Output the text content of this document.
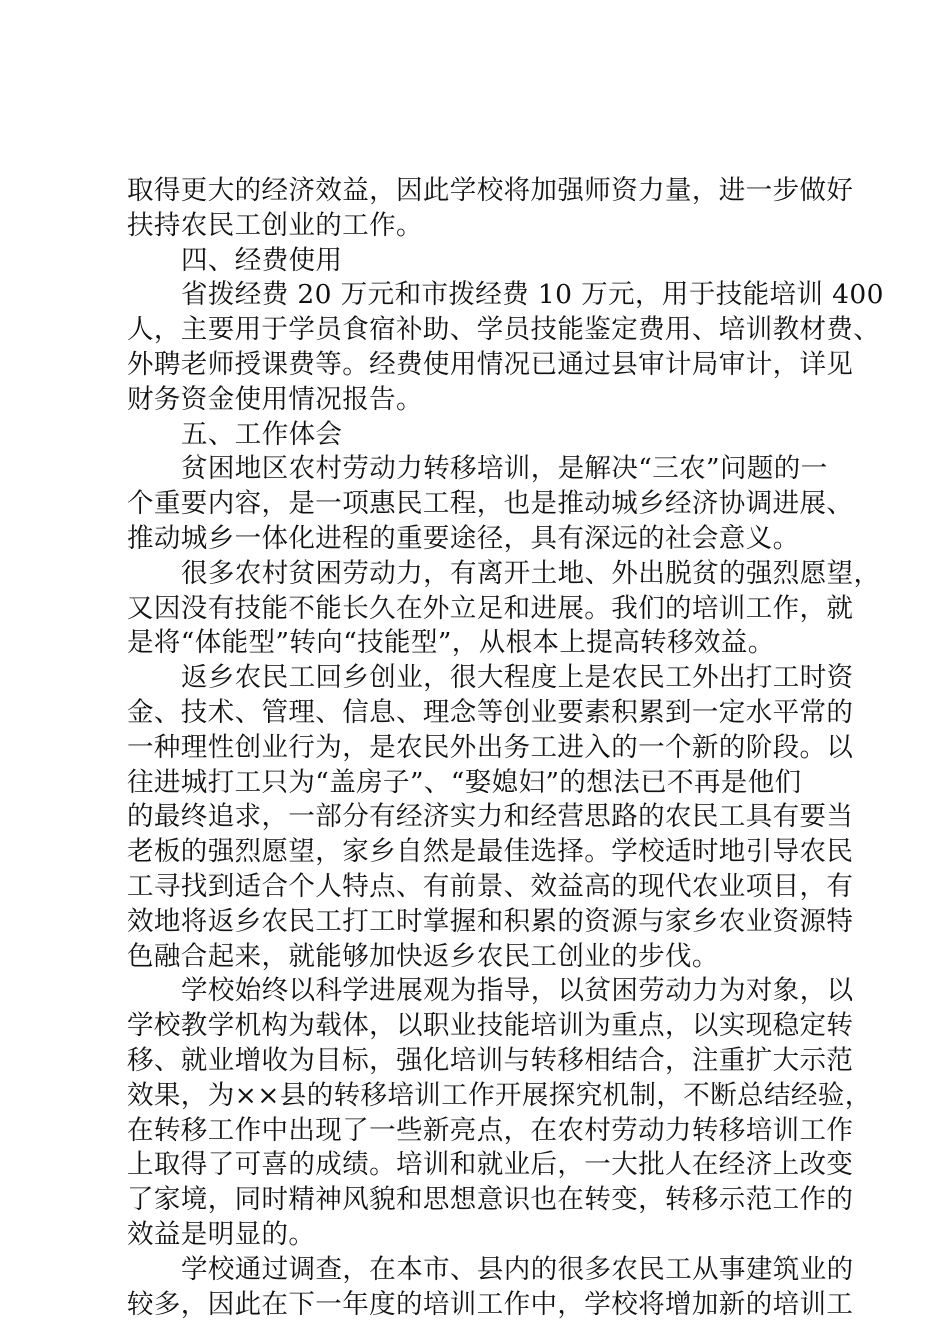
取得更大的经济效益，因此学校将加强师资力量，进一步做好
扶持农民工创业的工作。
四、经费使用
省拨经费 20 万元和市拨经费 10 万元，用于技能培训 400
人，主要用于学员食宿补助、学员技能鉴定费用、培训教材费、
外聘老师授课费等。经费使用情况已通过县审计局审计，详见
财务资金使用情况报告。
五、工作体会
贫困地区农村劳动力转移培训，是解决“三农”问题的一
个重要内容，是一项惠民工程，也是推动城乡经济协调进展、
推动城乡一体化进程的重要途径，具有深远的社会意义。
很多农村贫困劳动力，有离开土地、外出脱贫的强烈愿望，
又因没有技能不能长久在外立足和进展。我们的培训工作，就
是将“体能型”转向“技能型”，从根本上提高转移效益。
返乡农民工回乡创业，很大程度上是农民工外出打工时资
金、技术、管理、信息、理念等创业要素积累到一定水平常的
一种理性创业行为，是农民外出务工进入的一个新的阶段。以
往进城打工只为“盖房子”、“娶媳妇”的想法已不再是他们
的最终追求，一部分有经济实力和经营思路的农民工具有要当
老板的强烈愿望，家乡自然是最佳选择。学校适时地引导农民
工寻找到适合个人特点、有前景、效益高的现代农业项目，有
效地将返乡农民工打工时掌握和积累的资源与家乡农业资源特
色融合起来，就能够加快返乡农民工创业的步伐。
学校始终以科学进展观为指导，以贫困劳动力为对象，以
学校教学机构为载体，以职业技能培训为重点，以实现稳定转
移、就业增收为目标，强化培训与转移相结合，注重扩大示范
效果，为××县的转移培训工作开展探究机制，不断总结经验，
在转移工作中出现了一些新亮点，在农村劳动力转移培训工作
上取得了可喜的成绩。培训和就业后，一大批人在经济上改变
了家境，同时精神风貌和思想意识也在转变，转移示范工作的
效益是明显的。
学校通过调查，在本市、县内的很多农民工从事建筑业的
较多，因此在下一年度的培训工作中，学校将增加新的培训工
